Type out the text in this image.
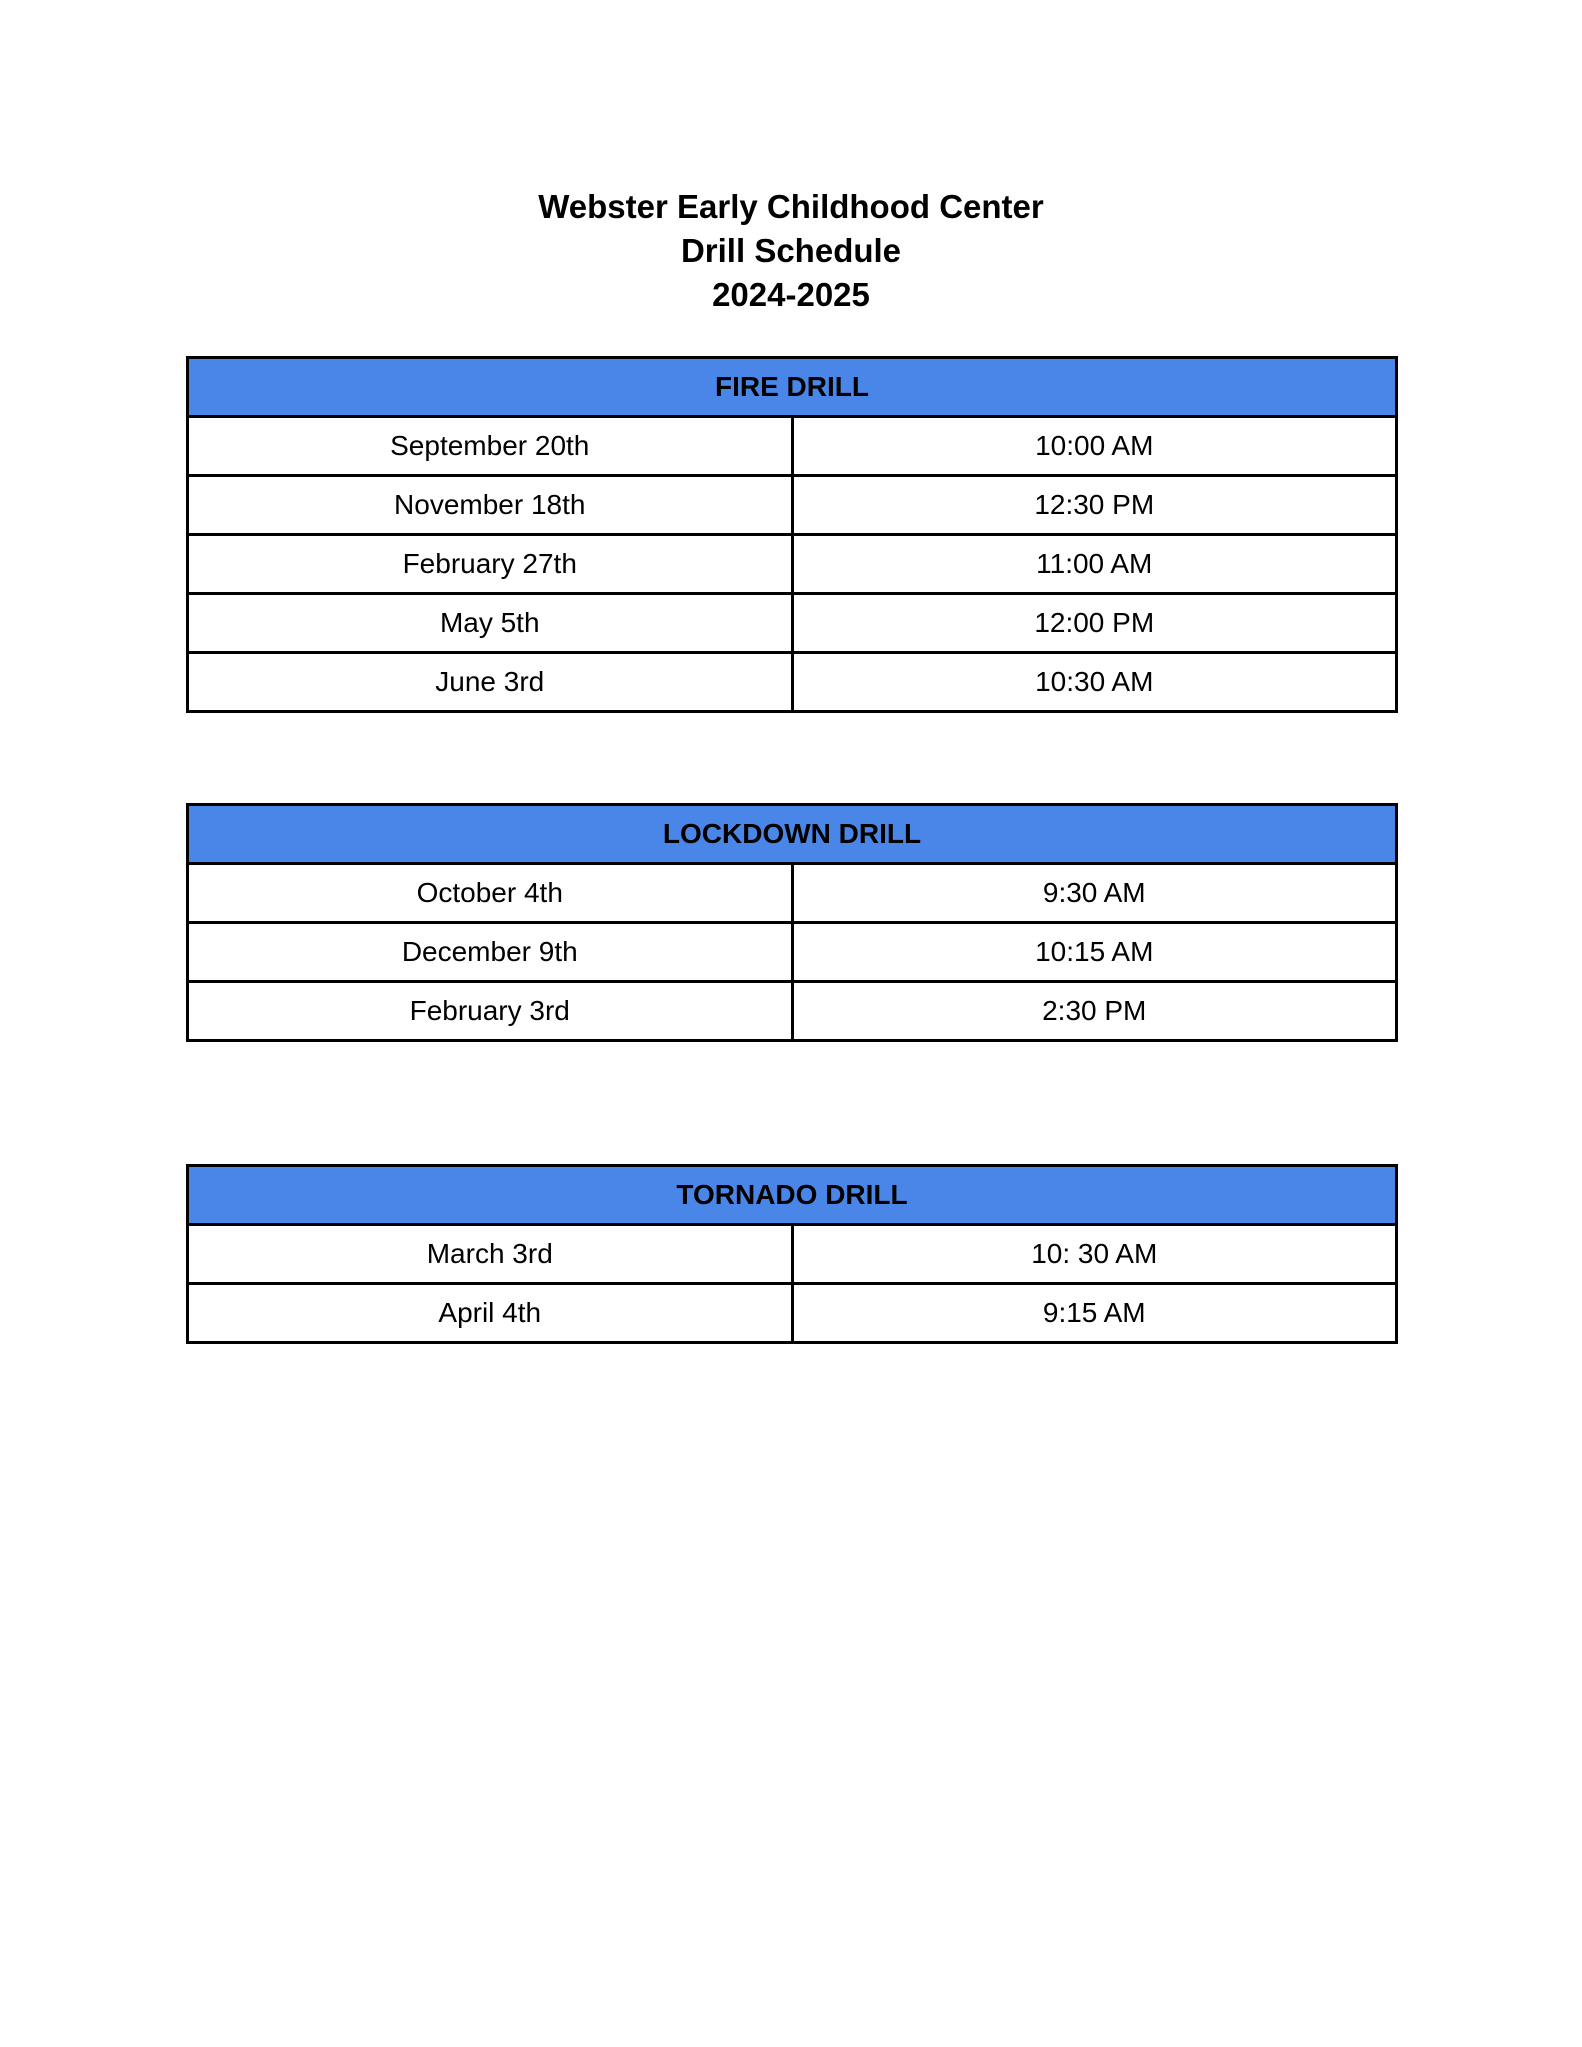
Webster Early Childhood Center
Drill Schedule
2024-2025
FIRE DRILL	
September 20th	10:00 AM
November 18th	12:30 PM
February 27th	11:00 AM
May 5th	12:00 PM
June 3rd	10:30 AM
LOCKDOWN DRILL	
October 4th	9:30 AM
December 9th	10:15 AM
February 3rd	2:30 PM
TORNADO DRILL	
March 3rd	10: 30 AM
April 4th	9:15 AM
